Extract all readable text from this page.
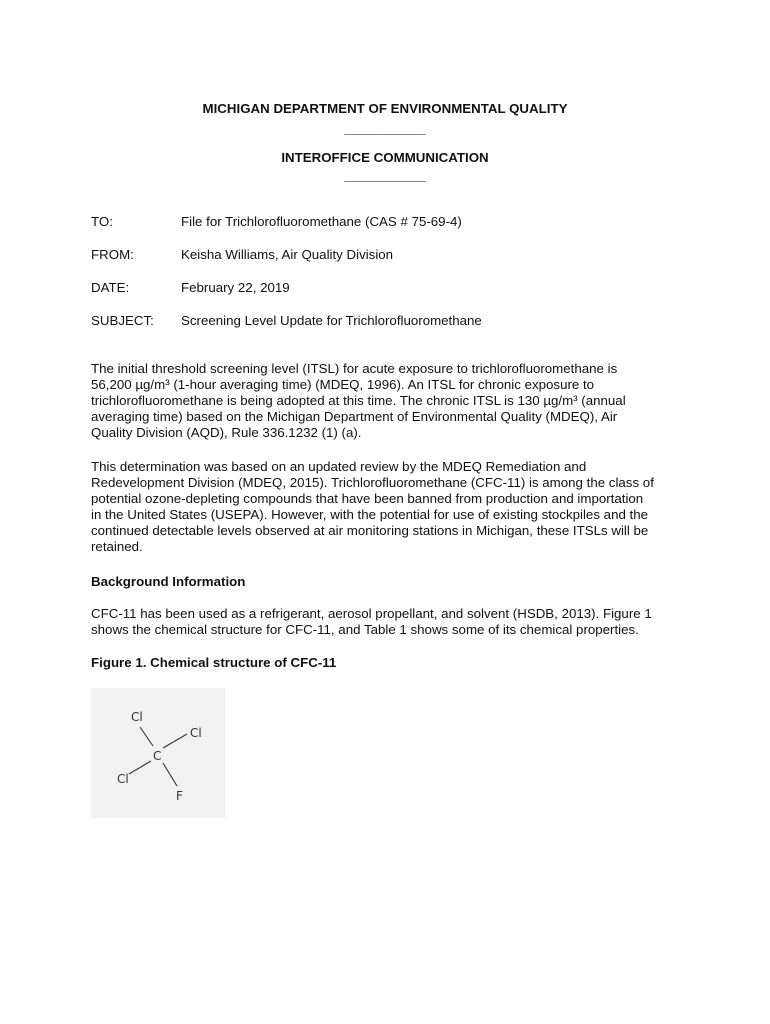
MICHIGAN DEPARTMENT OF ENVIRONMENTAL QUALITY
___________
INTEROFFICE COMMUNICATION
___________
TO:	File for Trichlorofluoromethane (CAS # 75-69-4)
FROM:	Keisha Williams, Air Quality Division
DATE:	February 22, 2019
SUBJECT: Screening Level Update for Trichlorofluoromethane

The initial threshold screening level (ITSL) for acute exposure to trichlorofluoromethane is

56,200 µg/m³ (1-hour averaging time) (MDEQ, 1996). An ITSL for chronic exposure to

trichlorofluoromethane is being adopted at this time. The chronic ITSL is 130 µg/m³ (annual

averaging time) based on the Michigan Department of Environmental Quality (MDEQ), Air

Quality Division (AQD), Rule 336.1232 (1) (a).

This determination was based on an updated review by the MDEQ Remediation and

Redevelopment Division (MDEQ, 2015). Trichlorofluoromethane (CFC-11) is among the class of

potential ozone-depleting compounds that have been banned from production and importation

in the United States (USEPA). However, with the potential for use of existing stockpiles and the

continued detectable levels observed at air monitoring stations in Michigan, these ITSLs will be

retained.

Background Information

CFC-11 has been used as a refrigerant, aerosol propellant, and solvent (HSDB, 2013). Figure 1

shows the chemical structure for CFC-11, and Table 1 shows some of its chemical properties.

Figure 1. Chemical structure of CFC-11
Cl
Cl
C
Cl
F
